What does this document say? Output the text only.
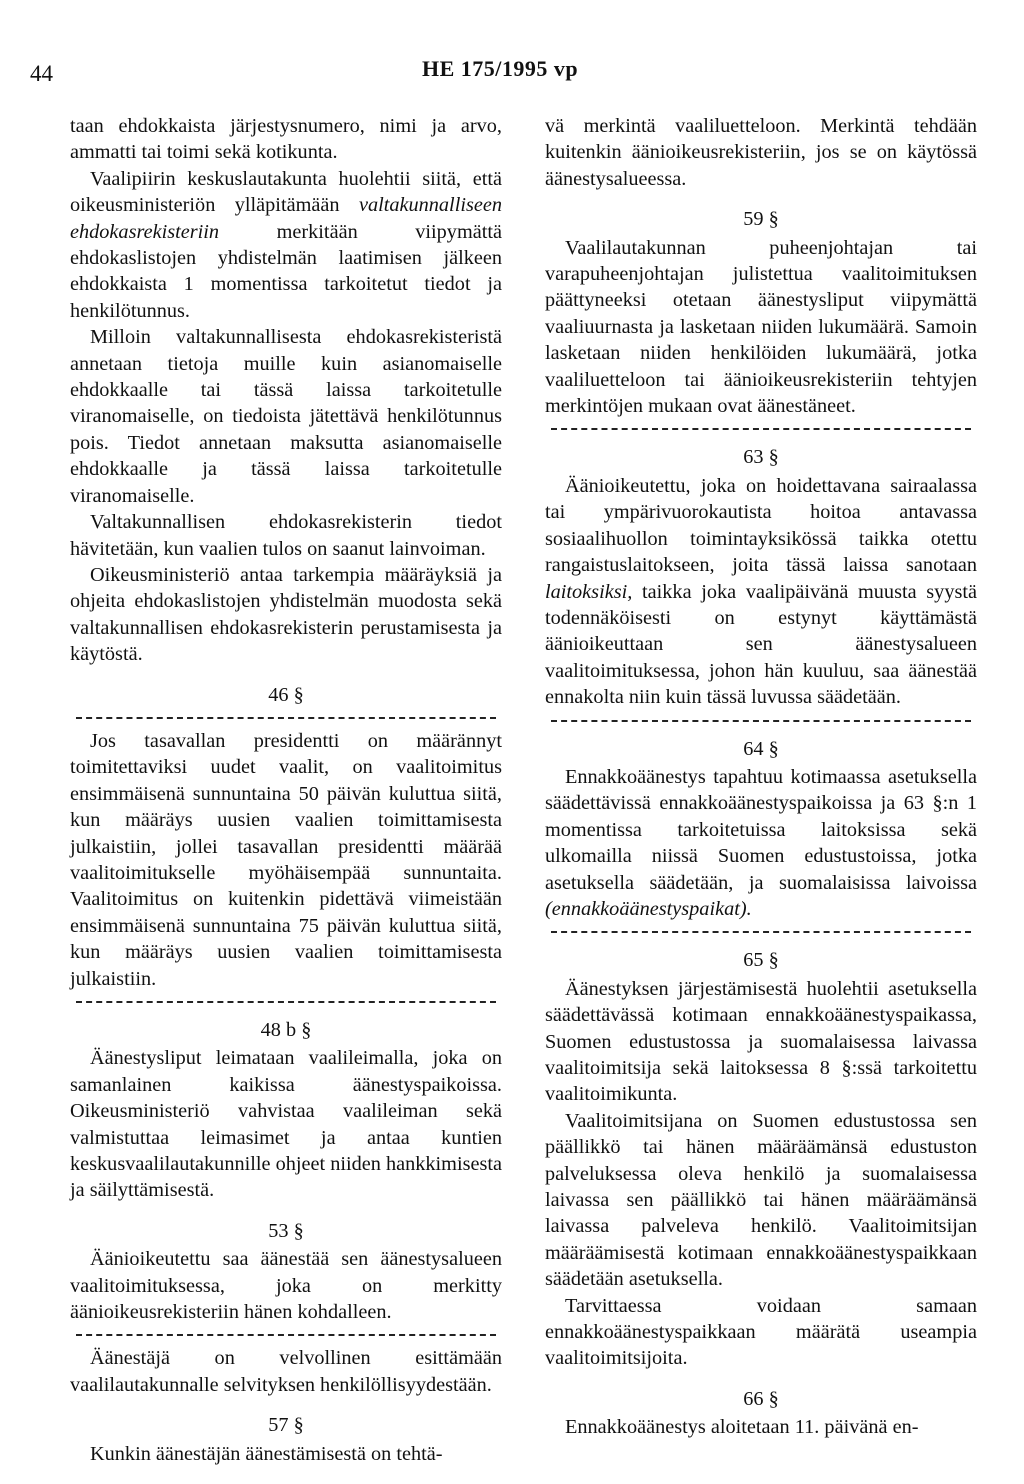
44	HE 175/1995 vp

taan ehdokkaista järjestysnumero, nimi ja arvo, ammatti tai toimi sekä kotikunta.

Vaalipiirin keskuslautakunta huolehtii siitä, että oikeusministeriön ylläpitämään valtakunnalliseen ehdokasrekisteriin merkitään viipymättä ehdokaslistojen yhdistelmän laatimisen jälkeen ehdokkaista 1 momentissa tarkoitetut tiedot ja henkilötunnus.

Milloin valtakunnallisesta ehdokasrekisteristä annetaan tietoja muille kuin asianomaiselle ehdokkaalle tai tässä laissa tarkoitetulle viranomaiselle, on tiedoista jätettävä henkilötunnus pois. Tiedot annetaan maksutta asianomaiselle ehdokkaalle ja tässä laissa tarkoitetulle viranomaiselle.

Valtakunnallisen ehdokasrekisterin tiedot hävitetään, kun vaalien tulos on saanut lainvoiman.

Oikeusministeriö antaa tarkempia määräyksiä ja ohjeita ehdokaslistojen yhdistelmän muodosta sekä valtakunnallisen ehdokasrekisterin perustamisesta ja käytöstä.

46 §

Jos tasavallan presidentti on määrännyt toimitettaviksi uudet vaalit, on vaalitoimitus ensimmäisenä sunnuntaina 50 päivän kuluttua siitä, kun määräys uusien vaalien toimittamisesta julkaistiin, jollei tasavallan presidentti määrää vaalitoimitukselle myöhäisempää sunnuntaita. Vaalitoimitus on kuitenkin pidettävä viimeistään ensimmäisenä sunnuntaina 75 päivän kuluttua siitä, kun määräys uusien vaalien toimittamisesta julkaistiin.

48 b §

Äänestysliput leimataan vaalileimalla, joka on samanlainen kaikissa äänestyspaikoissa. Oikeusministeriö vahvistaa vaalileiman sekä valmistuttaa leimasimet ja antaa kuntien keskusvaalilautakunnille ohjeet niiden hankkimisesta ja säilyttämisestä.

53 §

Äänioikeutettu saa äänestää sen äänestysalueen vaalitoimituksessa, joka on merkitty äänioikeusrekisteriin hänen kohdalleen.

Äänestäjä on velvollinen esittämään vaalilautakunnalle selvityksen henkilöllisyydestään.

57 §

Kunkin äänestäjän äänestämisestä on tehtä-

vä merkintä vaaliluetteloon. Merkintä tehdään kuitenkin äänioikeusrekisteriin, jos se on käytössä äänestysalueessa.

59 §

Vaalilautakunnan puheenjohtajan tai varapuheenjohtajan julistettua vaalitoimituksen päättyneeksi otetaan äänestysliput viipymättä vaaliuurnasta ja lasketaan niiden lukumäärä. Samoin lasketaan niiden henkilöiden lukumäärä, jotka vaaliluetteloon tai äänioikeusrekisteriin tehtyjen merkintöjen mukaan ovat äänestäneet.

63 §

Äänioikeutettu, joka on hoidettavana sairaalassa tai ympärivuorokautista hoitoa antavassa sosiaalihuollon toimintayksikössä taikka otettu rangaistuslaitokseen, joita tässä laissa sanotaan laitoksiksi, taikka joka vaalipäivänä muusta syystä todennäköisesti on estynyt käyttämästä äänioikeuttaan sen äänestysalueen vaalitoimituksessa, johon hän kuuluu, saa äänestää ennakolta niin kuin tässä luvussa säädetään.

64 §

Ennakkoäänestys tapahtuu kotimaassa asetuksella säädettävissä ennakkoäänestyspaikoissa ja 63 §:n 1 momentissa tarkoitetuissa laitoksissa sekä ulkomailla niissä Suomen edustustoissa, jotka asetuksella säädetään, ja suomalaisissa laivoissa (ennakkoäänestyspaikat).

65 §

Äänestyksen järjestämisestä huolehtii asetuksella säädettävässä kotimaan ennakkoäänestyspaikassa, Suomen edustustossa ja suomalaisessa laivassa vaalitoimitsija sekä laitoksessa 8 §:ssä tarkoitettu vaalitoimikunta.

Vaalitoimitsijana on Suomen edustustossa sen päällikkö tai hänen määräämänsä edustuston palveluksessa oleva henkilö ja suomalaisessa laivassa sen päällikkö tai hänen määräämänsä laivassa palveleva henkilö. Vaalitoimitsijan määräämisestä kotimaan ennakkoäänestyspaikkaan säädetään asetuksella.

Tarvittaessa voidaan samaan ennakkoäänestyspaikkaan määrätä useampia vaalitoimitsijoita.

66 §

Ennakkoäänestys aloitetaan 11. päivänä en-
